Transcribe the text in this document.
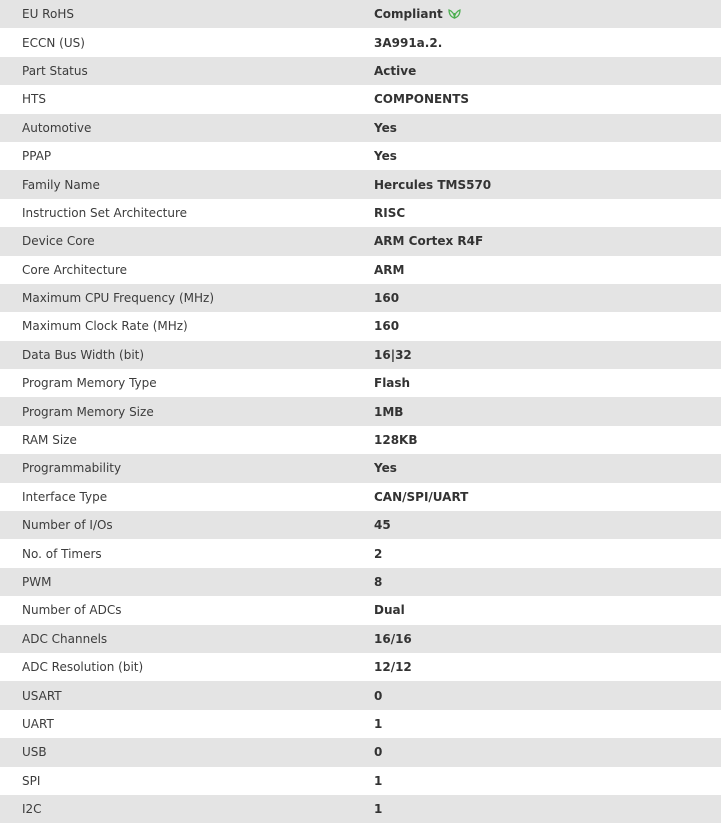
EU RoHS	Compliant
ECCN (US)	3A991a.2.
Part Status	Active
HTS	COMPONENTS
Automotive	Yes
PPAP	Yes
Family Name	Hercules TMS570
Instruction Set Architecture	RISC
Device Core	ARM Cortex R4F
Core Architecture	ARM
Maximum CPU Frequency (MHz)	160
Maximum Clock Rate (MHz)	160
Data Bus Width (bit)	16|32
Program Memory Type	Flash
Program Memory Size	1MB
RAM Size	128KB
Programmability	Yes
Interface Type	CAN/SPI/UART
Number of I/Os	45
No. of Timers	2
PWM	8
Number of ADCs	Dual
ADC Channels	16/16
ADC Resolution (bit)	12/12
USART	0
UART	1
USB	0
SPI	1
I2C	1
